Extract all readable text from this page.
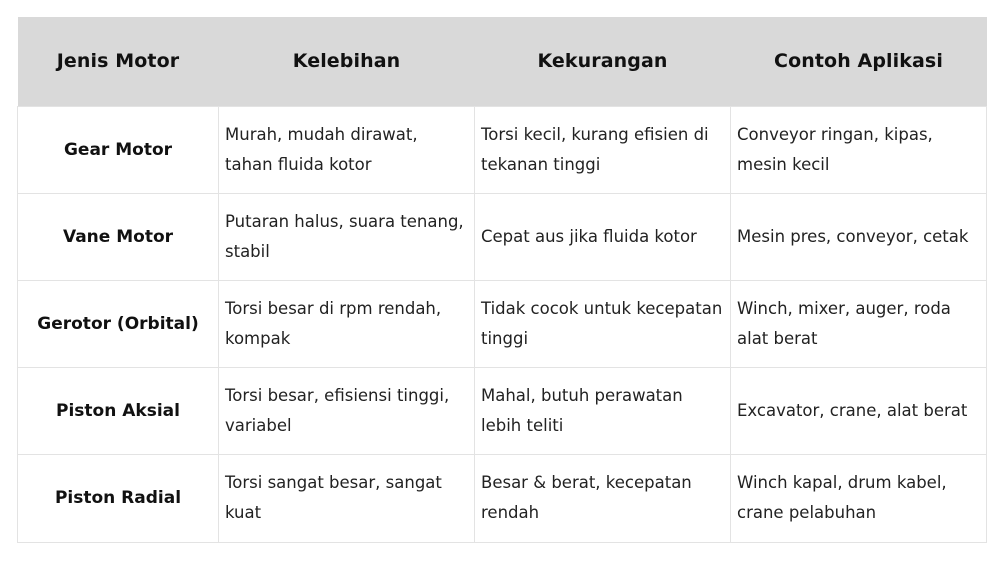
Jenis Motor	Kelebihan	Kekurangan	Contoh Aplikasi
Gear Motor	Murah, mudah dirawat, tahan fluida kotor	Torsi kecil, kurang efisien di tekanan tinggi	Conveyor ringan, kipas, mesin kecil
Vane Motor	Putaran halus, suara tenang, stabil	Cepat aus jika fluida kotor	Mesin pres, conveyor, cetak
Gerotor (Orbital)	Torsi besar di rpm rendah, kompak	Tidak cocok untuk kecepatan tinggi	Winch, mixer, auger, roda alat berat
Piston Aksial	Torsi besar, efisiensi tinggi, variabel	Mahal, butuh perawatan lebih teliti	Excavator, crane, alat berat
Piston Radial	Torsi sangat besar, sangat kuat	Besar & berat, kecepatan rendah	Winch kapal, drum kabel, crane pelabuhan
